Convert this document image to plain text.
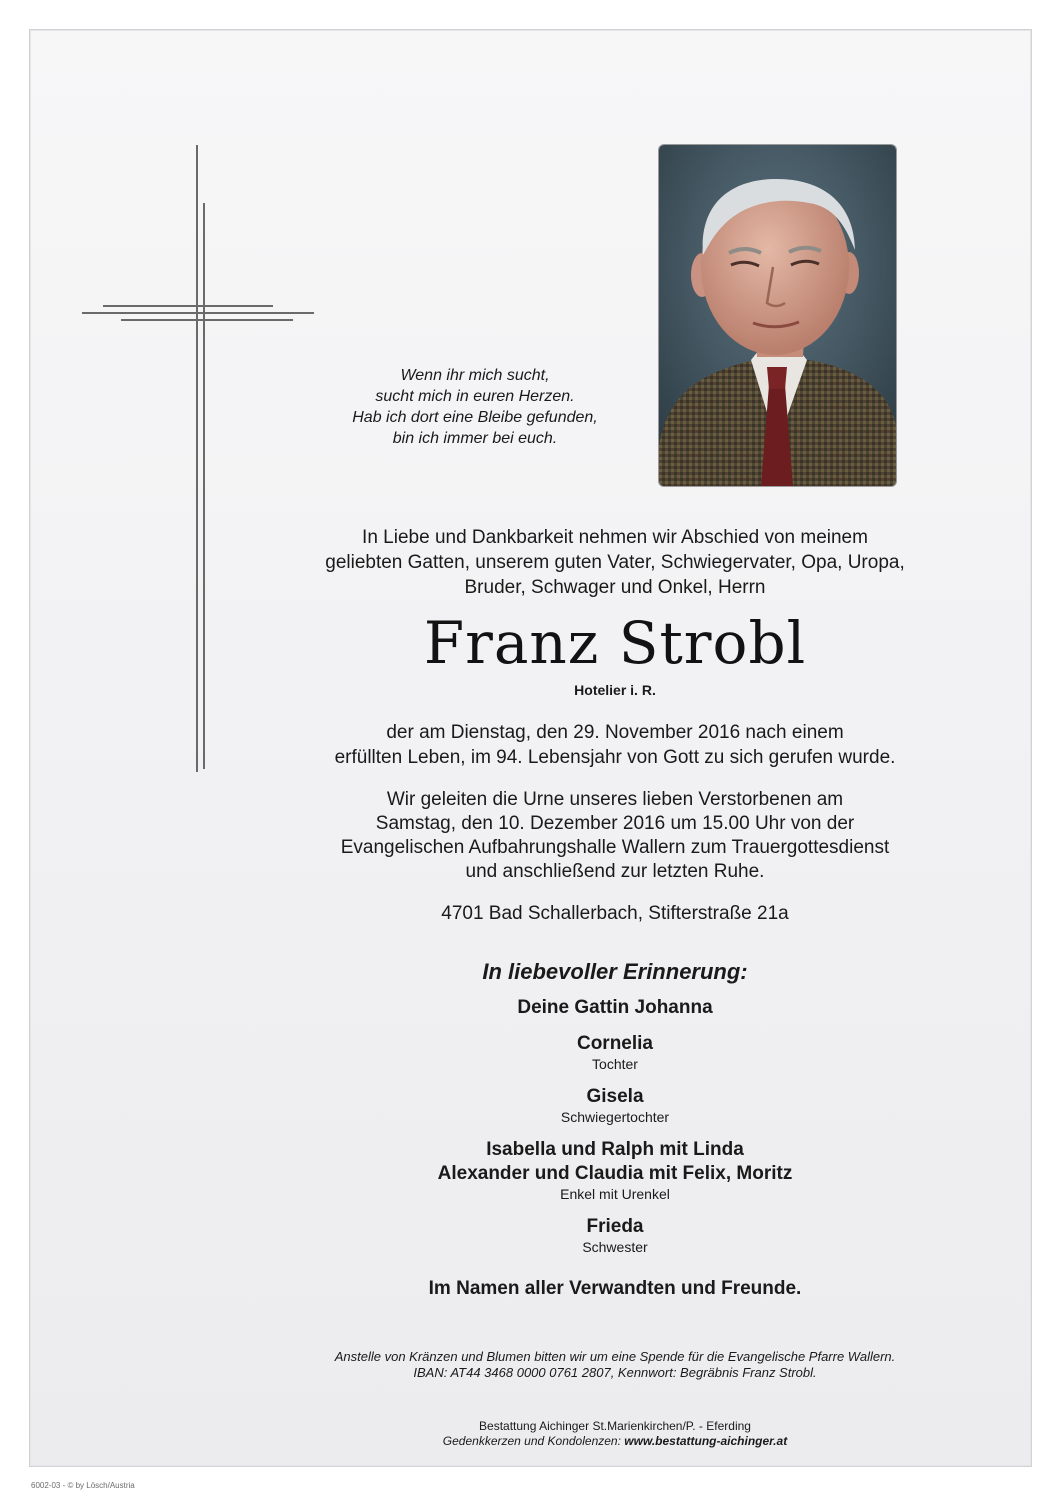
Wenn ihr mich sucht,
sucht mich in euren Herzen.
Hab ich dort eine Bleibe gefunden,
bin ich immer bei euch.
In Liebe und Dankbarkeit nehmen wir Abschied von meinem
geliebten Gatten, unserem guten Vater, Schwiegervater, Opa, Uropa,
Bruder, Schwager und Onkel, Herrn
Franz Strobl
Hotelier i. R.
der am Dienstag, den 29. November 2016 nach einem
erfüllten Leben, im 94. Lebensjahr von Gott zu sich gerufen wurde.
Wir geleiten die Urne unseres lieben Verstorbenen am
Samstag, den 10. Dezember 2016 um 15.00 Uhr von der
Evangelischen Aufbahrungshalle Wallern zum Trauergottesdienst
und anschließend zur letzten Ruhe.
4701 Bad Schallerbach, Stifterstraße 21a
In liebevoller Erinnerung:
Deine Gattin Johanna
Cornelia
Tochter
Gisela
Schwiegertochter
Isabella und Ralph mit Linda
Alexander und Claudia mit Felix, Moritz
Enkel mit Urenkel
Frieda
Schwester
Im Namen aller Verwandten und Freunde.
Anstelle von Kränzen und Blumen bitten wir um eine Spende für die Evangelische Pfarre Wallern.
IBAN: AT44 3468 0000 0761 2807, Kennwort: Begräbnis Franz Strobl.
Bestattung Aichinger St.Marienkirchen/P. - Eferding
Gedenkkerzen und Kondolenzen: www.bestattung-aichinger.at
6002-03 - © by Lösch/Austria
